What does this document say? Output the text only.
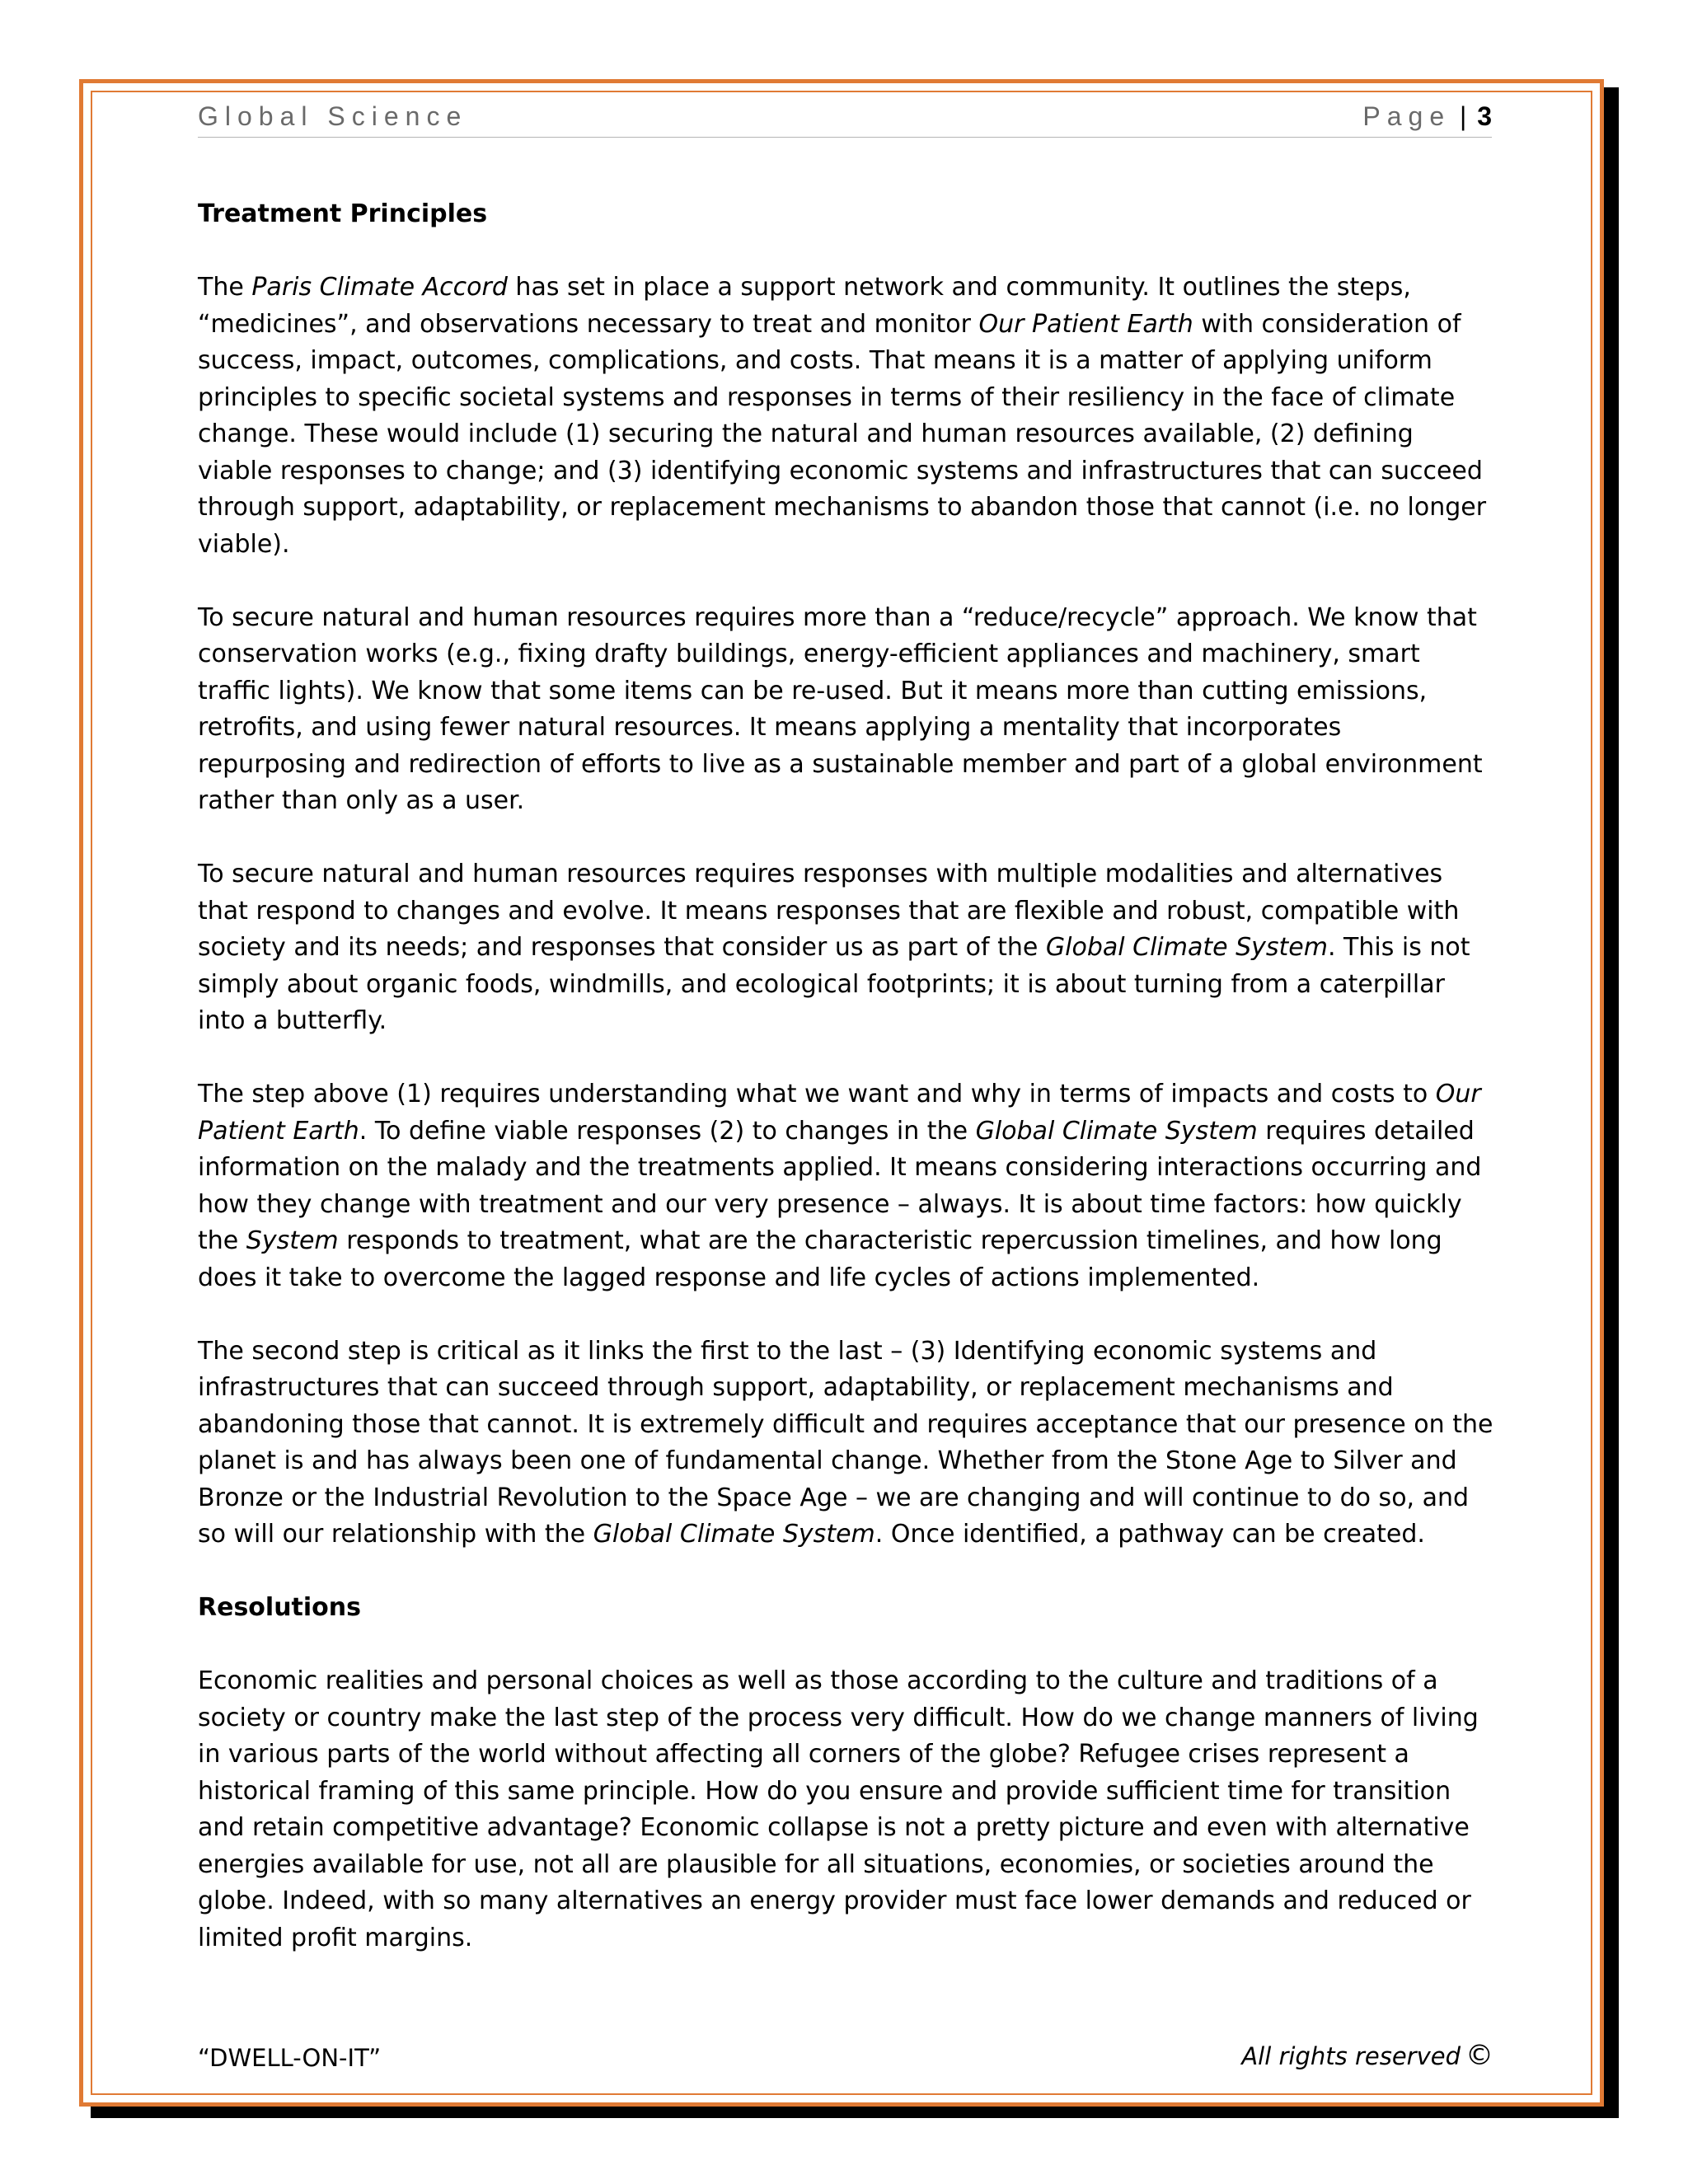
Global Science	Page | 3
Treatment Principles

The Paris Climate Accord has set in place a support network and community. It outlines the steps, “medicines”, and observations necessary to treat and monitor Our Patient Earth with consideration of success, impact, outcomes, complications, and costs. That means it is a matter of applying uniform principles to specific societal systems and responses in terms of their resiliency in the face of climate change. These would include (1) securing the natural and human resources available, (2) defining viable responses to change; and (3) identifying economic systems and infrastructures that can succeed through support, adaptability, or replacement mechanisms to abandon those that cannot (i.e. no longer viable).

To secure natural and human resources requires more than a “reduce/recycle” approach. We know that conservation works (e.g., fixing drafty buildings, energy-efficient appliances and machinery, smart traffic lights). We know that some items can be re-used. But it means more than cutting emissions, retrofits, and using fewer natural resources. It means applying a mentality that incorporates repurposing and redirection of efforts to live as a sustainable member and part of a global environment rather than only as a user.

To secure natural and human resources requires responses with multiple modalities and alternatives that respond to changes and evolve. It means responses that are flexible and robust, compatible with society and its needs; and responses that consider us as part of the Global Climate System. This is not simply about organic foods, windmills, and ecological footprints; it is about turning from a caterpillar into a butterfly.

The step above (1) requires understanding what we want and why in terms of impacts and costs to Our Patient Earth. To define viable responses (2) to changes in the Global Climate System requires detailed information on the malady and the treatments applied. It means considering interactions occurring and how they change with treatment and our very presence – always. It is about time factors: how quickly the System responds to treatment, what are the characteristic repercussion timelines, and how long does it take to overcome the lagged response and life cycles of actions implemented.

The second step is critical as it links the first to the last – (3) Identifying economic systems and infrastructures that can succeed through support, adaptability, or replacement mechanisms and abandoning those that cannot. It is extremely difficult and requires acceptance that our presence on the planet is and has always been one of fundamental change. Whether from the Stone Age to Silver and Bronze or the Industrial Revolution to the Space Age – we are changing and will continue to do so, and so will our relationship with the Global Climate System. Once identified, a pathway can be created.

Resolutions

Economic realities and personal choices as well as those according to the culture and traditions of a society or country make the last step of the process very difficult. How do we change manners of living in various parts of the world without affecting all corners of the globe? Refugee crises represent a historical framing of this same principle. How do you ensure and provide sufficient time for transition and retain competitive advantage? Economic collapse is not a pretty picture and even with alternative energies available for use, not all are plausible for all situations, economies, or societies around the globe. Indeed, with so many alternatives an energy provider must face lower demands and reduced or limited profit margins.

“DWELL-ON-IT”	All rights reserved ©
